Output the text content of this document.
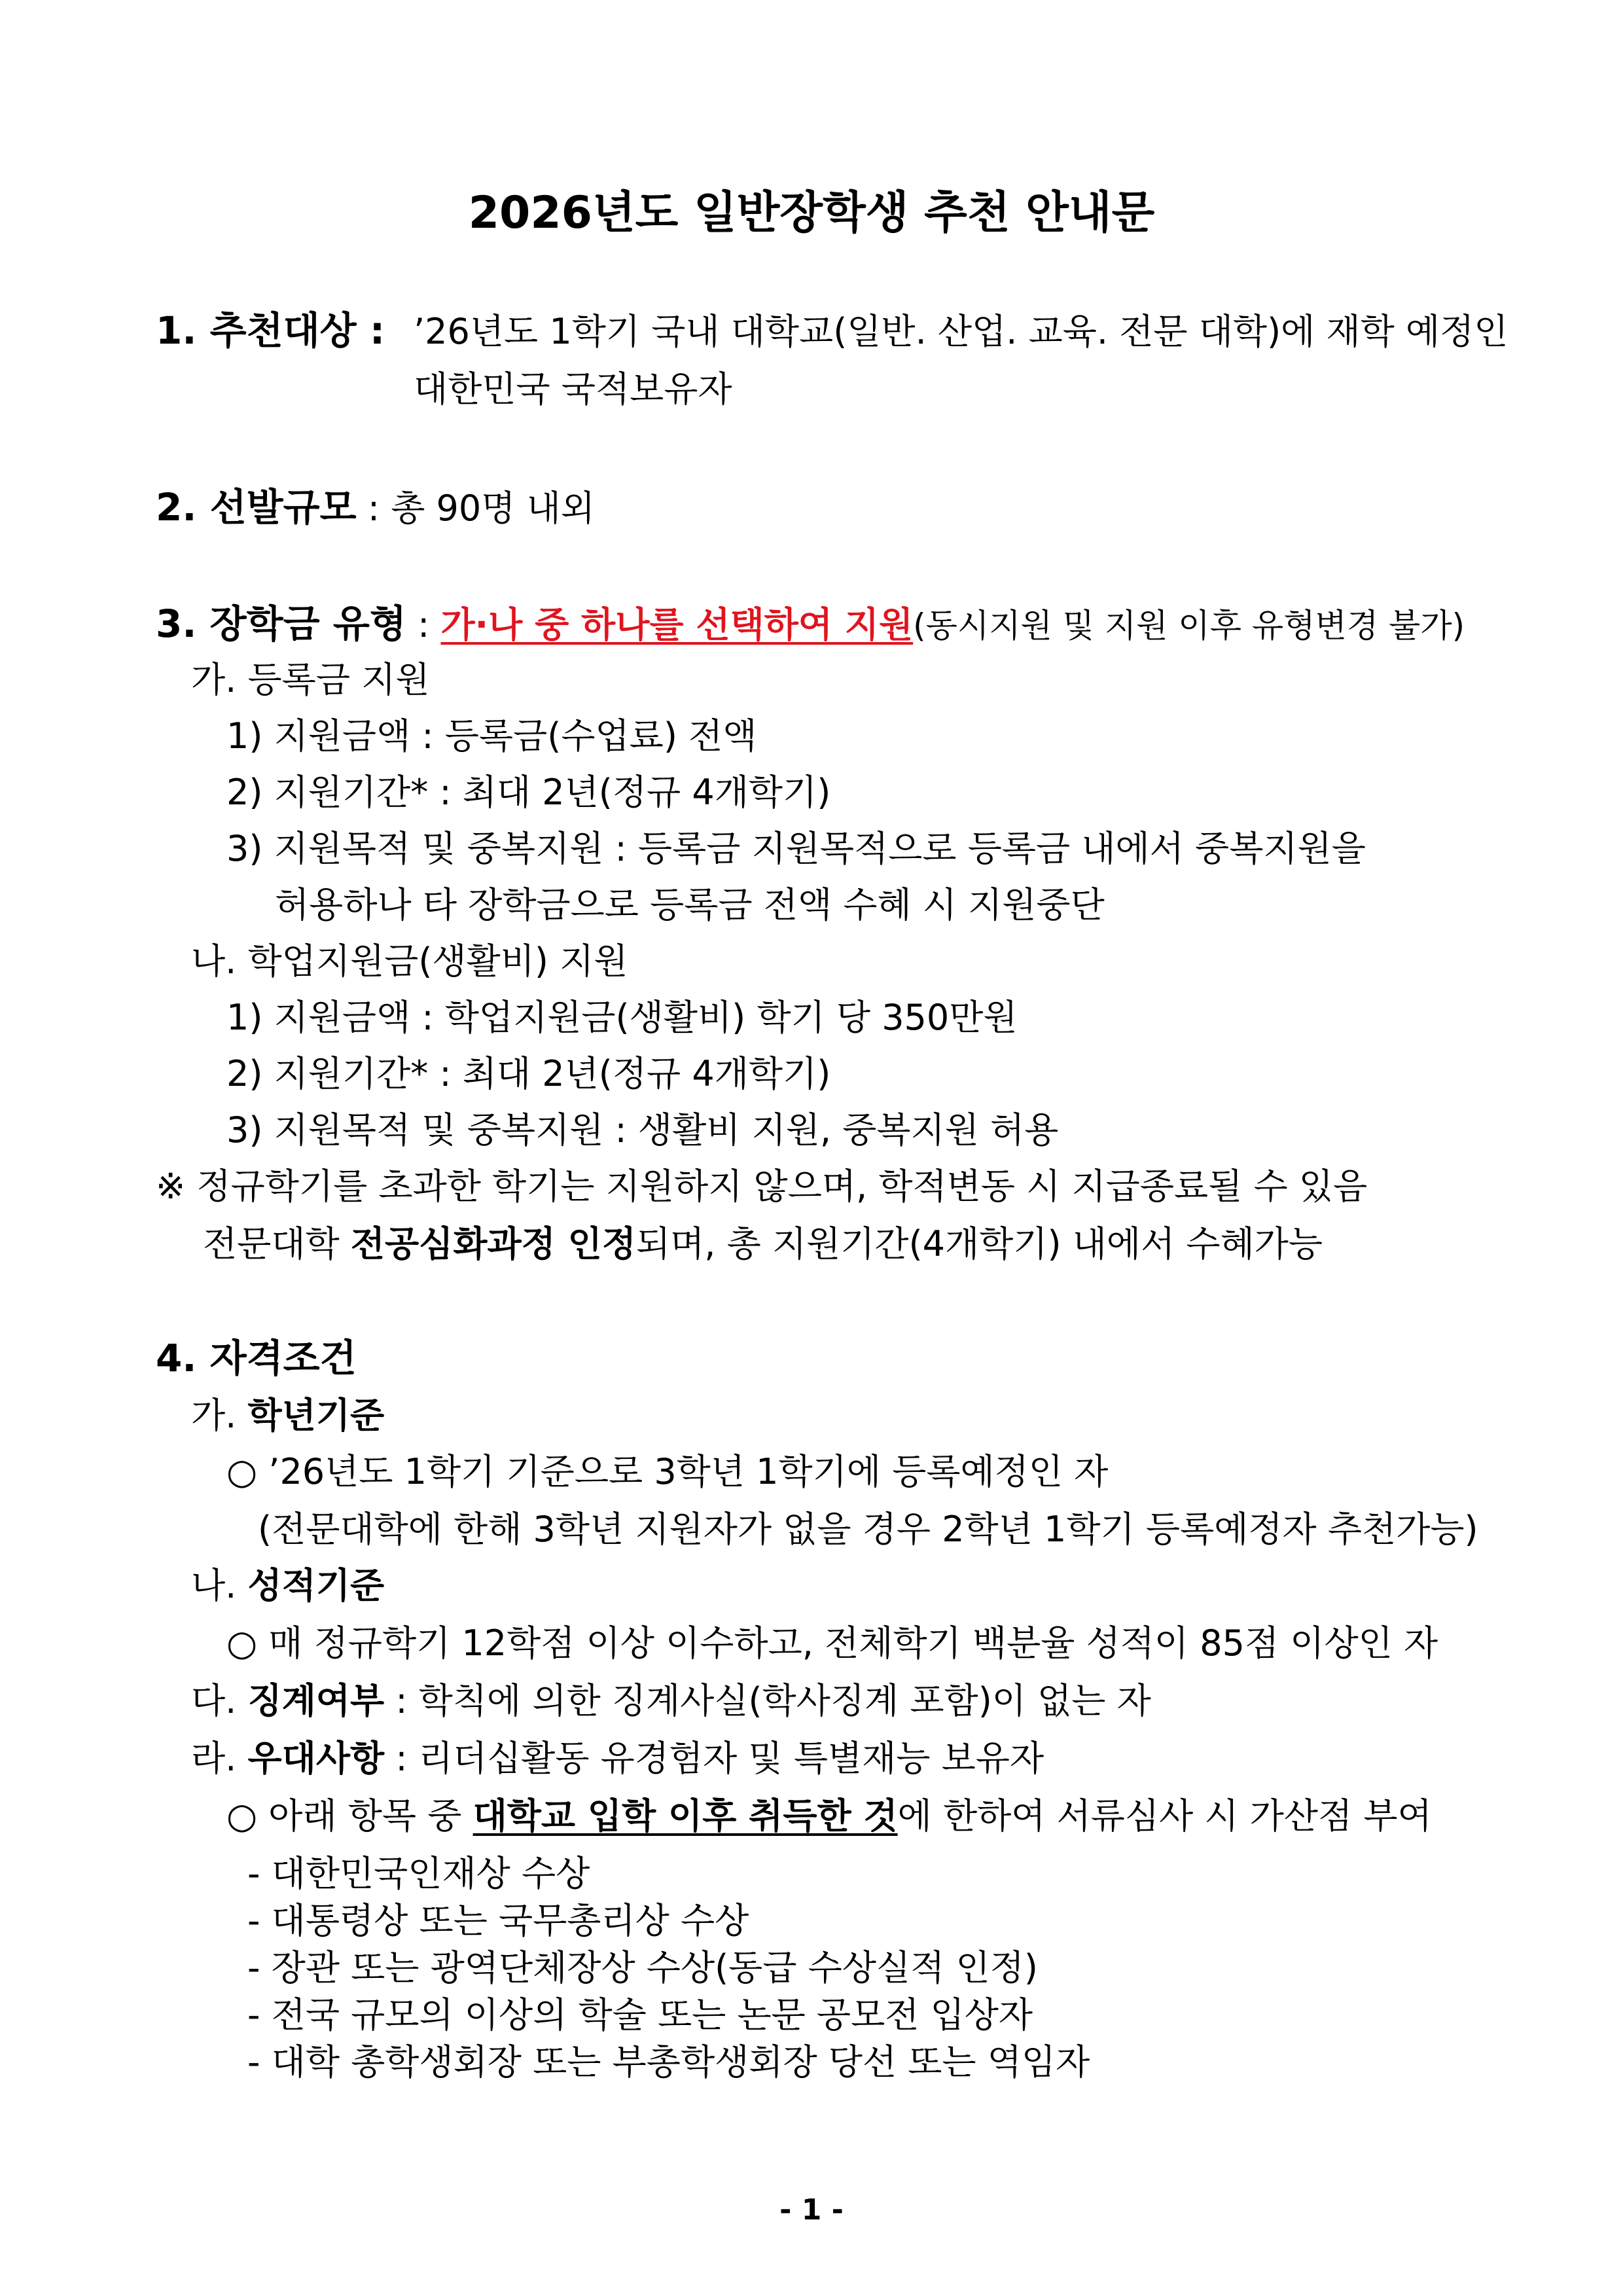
2026년도 일반장학생 추천 안내문
1. 추천대상 : ’26년도 1학기 국내 대학교(일반. 산업. 교육. 전문 대학)에 재학 예정인
대한민국 국적보유자
2. 선발규모 : 총 90명 내외
3. 장학금 유형 : 가·나 중 하나를 선택하여 지원(동시지원 및 지원 이후 유형변경 불가)
가. 등록금 지원
1) 지원금액 : 등록금(수업료) 전액
2) 지원기간* : 최대 2년(정규 4개학기)
3) 지원목적 및 중복지원 : 등록금 지원목적으로 등록금 내에서 중복지원을
허용하나 타 장학금으로 등록금 전액 수혜 시 지원중단
나. 학업지원금(생활비) 지원
1) 지원금액 : 학업지원금(생활비) 학기 당 350만원
2) 지원기간* : 최대 2년(정규 4개학기)
3) 지원목적 및 중복지원 : 생활비 지원, 중복지원 허용
※ 정규학기를 초과한 학기는 지원하지 않으며, 학적변동 시 지급종료될 수 있음
전문대학 전공심화과정 인정되며, 총 지원기간(4개학기) 내에서 수혜가능
4. 자격조건
가. 학년기준
○ ’26년도 1학기 기준으로 3학년 1학기에 등록예정인 자
(전문대학에 한해 3학년 지원자가 없을 경우 2학년 1학기 등록예정자 추천가능)
나. 성적기준
○ 매 정규학기 12학점 이상 이수하고, 전체학기 백분율 성적이 85점 이상인 자
다. 징계여부 : 학칙에 의한 징계사실(학사징계 포함)이 없는 자
라. 우대사항 : 리더십활동 유경험자 및 특별재능 보유자
○ 아래 항목 중 대학교 입학 이후 취득한 것에 한하여 서류심사 시 가산점 부여
- 대한민국인재상 수상
- 대통령상 또는 국무총리상 수상
- 장관 또는 광역단체장상 수상(동급 수상실적 인정)
- 전국 규모의 이상의 학술 또는 논문 공모전 입상자
- 대학 총학생회장 또는 부총학생회장 당선 또는 역임자
- 1 -
